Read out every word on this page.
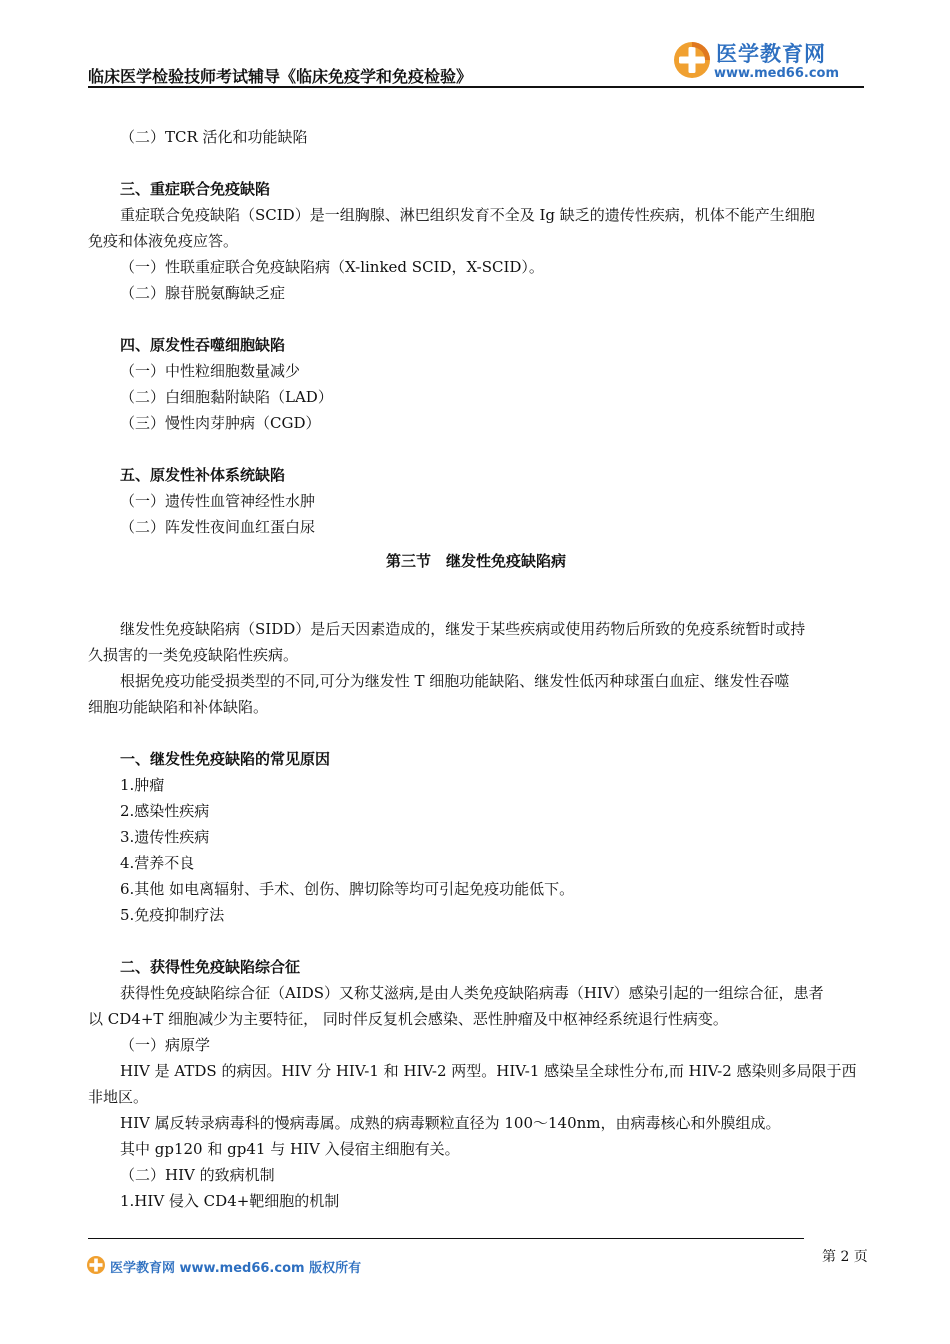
临床医学检验技师考试辅导《临床免疫学和免疫检验》
医学教育网
www.med66.com
（二）TCR 活化和功能缺陷
三、重症联合免疫缺陷
重症联合免疫缺陷（SCID）是一组胸腺、淋巴组织发育不全及 Ig 缺乏的遗传性疾病，机体不能产生细胞
免疫和体液免疫应答。
（一）性联重症联合免疫缺陷病（X-linked SCID，X-SCID）。
（二）腺苷脱氨酶缺乏症
四、原发性吞噬细胞缺陷
（一）中性粒细胞数量减少
（二）白细胞黏附缺陷（LAD）
（三）慢性肉芽肿病（CGD）
五、原发性补体系统缺陷
（一）遗传性血管神经性水肿
（二）阵发性夜间血红蛋白尿
第三节　继发性免疫缺陷病
继发性免疫缺陷病（SIDD）是后天因素造成的，继发于某些疾病或使用药物后所致的免疫系统暂时或持
久损害的一类免疫缺陷性疾病。
根据免疫功能受损类型的不同,可分为继发性 T 细胞功能缺陷、继发性低丙种球蛋白血症、继发性吞噬
细胞功能缺陷和补体缺陷。
一、继发性免疫缺陷的常见原因
1.肿瘤
2.感染性疾病
3.遗传性疾病
4.营养不良
6.其他 如电离辐射、手术、创伤、脾切除等均可引起免疫功能低下。
5.免疫抑制疗法
二、获得性免疫缺陷综合征
获得性免疫缺陷综合征（AIDS）又称艾滋病,是由人类免疫缺陷病毒（HIV）感染引起的一组综合征，患者
以 CD4+T 细胞减少为主要特征， 同时伴反复机会感染、恶性肿瘤及中枢神经系统退行性病变。
（一）病原学
HIV 是 ATDS 的病因。HIV 分 HIV-1 和 HIV-2 两型。HIV-1 感染呈全球性分布,而 HIV-2 感染则多局限于西
非地区。
HIV 属反转录病毒科的慢病毒属。成熟的病毒颗粒直径为 100～140nm，由病毒核心和外膜组成。
其中 gp120 和 gp41 与 HIV 入侵宿主细胞有关。
（二）HIV 的致病机制
1.HIV 侵入 CD4+靶细胞的机制
第 2 页
医学教育网 www.med66.com 版权所有
